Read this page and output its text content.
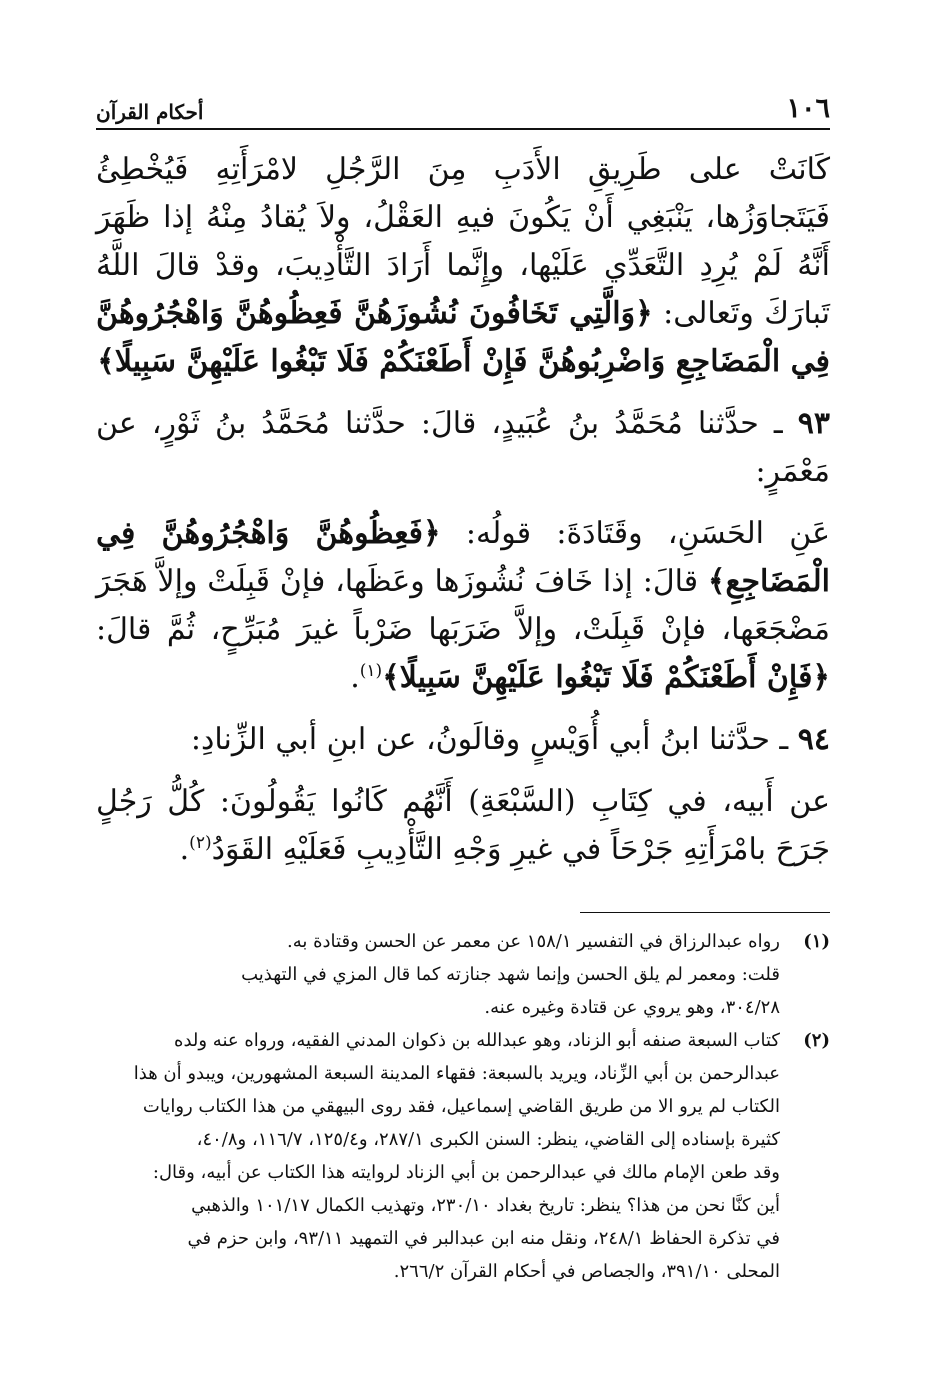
١٠٦
أحكام القرآن

كَانَتْ على طَرِيقِ الأَدَبِ مِنَ الرَّجُلِ لامْرَأَتِهِ فَيُخْطِئُ فَيَتَجاوَزُها، يَنْبَغِي أَنْ يَكُونَ فيهِ العَقْلُ، ولاَ يُقادُ مِنْهُ إذا ظَهَرَ أَنَّهُ لَمْ يُرِدِ التَّعَدِّي عَلَيْها، وإِنَّما أَرَادَ التَّأْدِيبَ، وقدْ قالَ اللَّهُ تَبارَكَ وتَعالى: ﴿وَالَّتِي تَخَافُونَ نُشُوزَهُنَّ فَعِظُوهُنَّ وَاهْجُرُوهُنَّ فِي الْمَضَاجِعِ وَاضْرِبُوهُنَّ فَإِنْ أَطَعْنَكُمْ فَلَا تَبْغُوا عَلَيْهِنَّ سَبِيلًا﴾

٩٣ ـ حدَّثنا مُحَمَّدُ بنُ عُبَيدٍ، قالَ: حدَّثنا مُحَمَّدُ بنُ ثَوْرٍ، عن مَعْمَرٍ:

عَنِ الحَسَنِ، وقَتَادَةَ: قولُه: ﴿فَعِظُوهُنَّ وَاهْجُرُوهُنَّ فِي الْمَضَاجِعِ﴾ قالَ: إذا خَافَ نُشُوزَها وعَظَها، فإنْ قَبِلَتْ وإلاَّ هَجَرَ مَضْجَعَها، فإنْ قَبِلَتْ، وإلاَّ ضَرَبَها ضَرْباً غيرَ مُبَرِّحٍ، ثُمَّ قالَ: ﴿فَإِنْ أَطَعْنَكُمْ فَلَا تَبْغُوا عَلَيْهِنَّ سَبِيلًا﴾$^{(١)}$.

٩٤ ـ حدَّثنا ابنُ أبي أُوَيْسٍ وقالَونُ، عن ابنِ أبي الزِّنادِ:

عن أَبيه، في كِتَابِ (السَّبْعَةِ) أَنَّهُم كَانُوا يَقُولُونَ: كُلُّ رَجُلٍ جَرَحَ بامْرَأَتِهِ جَرْحَاً في غيرِ وَجْهِ التَّأْدِيبِ فَعَلَيْهِ القَوَدُ$^{(٢)}$.

(١)

رواه عبدالرزاق في التفسير ١٥٨/١ عن معمر عن الحسن وقتادة به.

قلت: ومعمر لم يلق الحسن وإنما شهد جنازته كما قال المزي في التهذيب

٣٠٤/٢٨، وهو يروي عن قتادة وغيره عنه.

(٢)

كتاب السبعة صنفه أبو الزناد، وهو عبدالله بن ذكوان المدني الفقيه، ورواه عنه ولده

عبدالرحمن بن أبي الزِّناد، ويريد بالسبعة: فقهاء المدينة السبعة المشهورين، ويبدو أن هذا

الكتاب لم يرو الا من طريق القاضي إسماعيل، فقد روى البيهقي من هذا الكتاب روايات

كثيرة بإسناده إلى القاضي، ينظر: السنن الكبرى ٢٨٧/١، و١٢٥/٤، ١١٦/٧، و٤٠/٨،

وقد طعن الإمام مالك في عبدالرحمن بن أبي الزناد لروايته هذا الكتاب عن أبيه، وقال:

أين كنَّا نحن من هذا؟ ينظر: تاريخ بغداد ٢٣٠/١٠، وتهذيب الكمال ١٠١/١٧ والذهبي

في تذكرة الحفاظ ٢٤٨/١، ونقل منه ابن عبدالبر في التمهيد ٩٣/١١، وابن حزم في

المحلى ٣٩١/١٠، والجصاص في أحكام القرآن ٢٦٦/٢.
